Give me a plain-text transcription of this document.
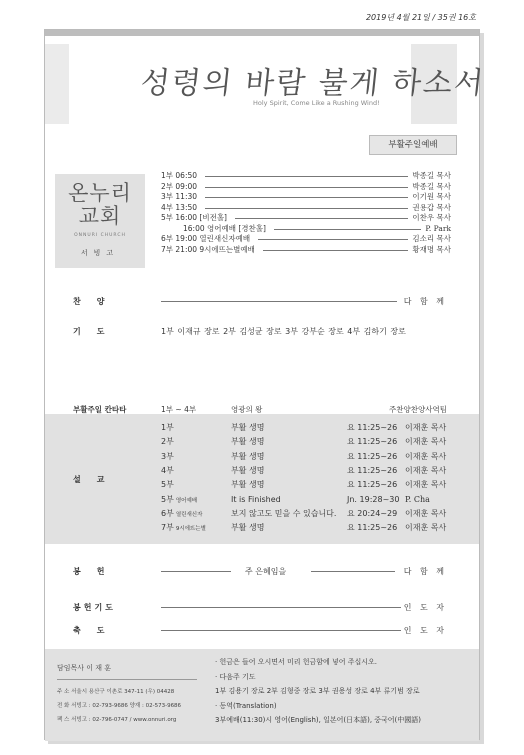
2019년 4월 21일 / 35권 16호
성령의 바람 불게 하소서
Holy Spirit, Come Like a Rushing Wind!
부활주일예배
온누리
교회
ONNURI CHURCH
서빙고
찬양	다 함 께
기도	1부 이재규 장로 2부 김성균 장로 3부 강부순 장로 4부 김하기 장로
부활주일 칸타타	1부 ~ 4부	영광의 왕	주찬양찬양사역팀
설교
1부	부활 생명	요 11:25~26 이재훈 목사
2부	부활 생명	요 11:25~26 이재훈 목사
3부	부활 생명	요 11:25~26 이재훈 목사
4부	부활 생명	요 11:25~26 이재훈 목사
5부	부활 생명	요 11:25~26 이재훈 목사
5부 영어예배	It is Finished	Jn. 19:28~30 P. Cha
6부 열린새신자	보지 않고도 믿을 수 있습니다. 요 20:24~29 이재훈 목사
7부 9시에뜨는별	부활 생명	요 11:25~26 이재훈 목사
봉헌	주 은혜임을	다 함 께
봉헌기도	인 도 자
담임목사 이 재 훈
주 소 서울시 용산구 이촌로 347-11 (우) 04428
전 화 서빙고 : 02-793-9686 양재 : 02-573-9686
팩 스 서빙고 : 02-796-0747 / www.onnuri.org
· 헌금은 들어 오시면서 미리 헌금함에 넣어 주십시오.
· 다음주 기도
1부 김용기 장로 2부 김형중 장로 3부 권용성 장로 4부 류기범 장로
· 동역(Translation)
3부예배(11:30)시 영어(English), 일본어(日本語), 중국어(中國語)
1부 06:50	박종길 목사
2부 09:00	박종길 목사
3부 11:30	이기원 목사
4부 13:50	권용갑 목사
5부 16:00 [비전홀]	이찬우 목사
16:00 영어예배 [경찬홀]	P. Park
6부 19:00 열린새신자예배	김소리 목사
7부 21:00 9시에뜨는별예배	황재명 목사
축도	인 도 자
